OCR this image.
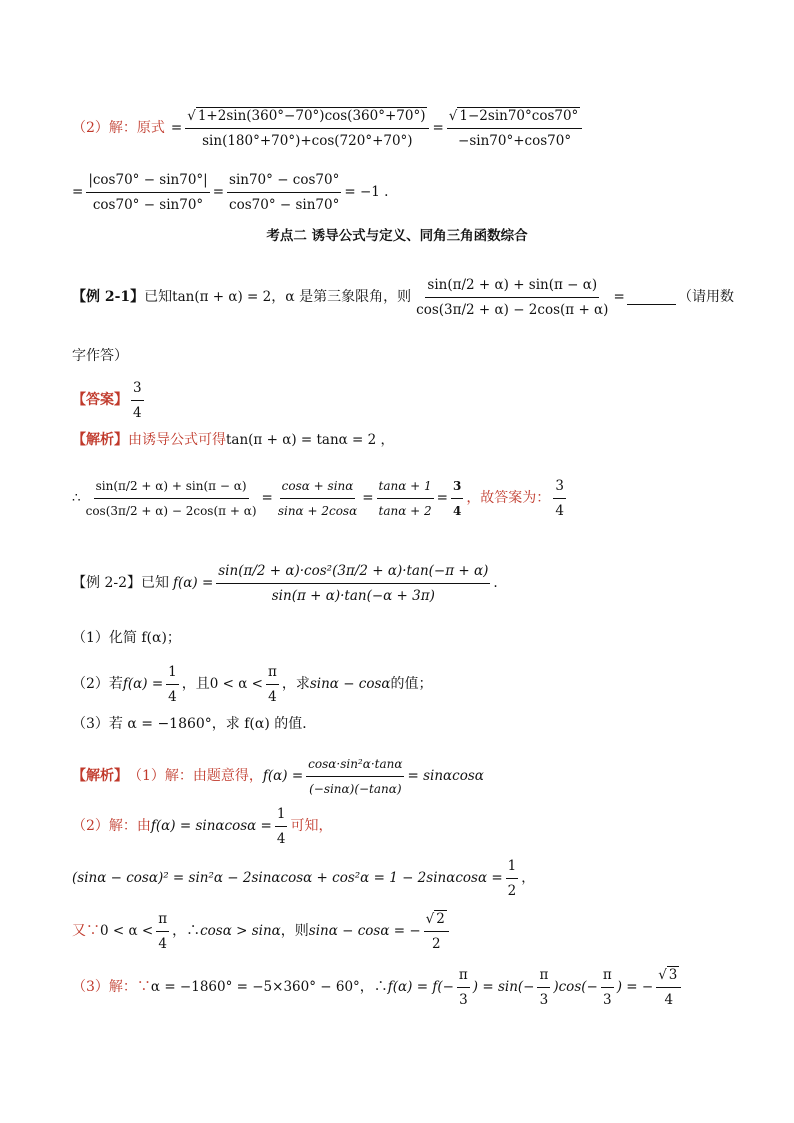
（2）解：原式 = $\frac{√ 1+2\sin(360^\circ-70^\circ)\cos(360^\circ+70^\circ)}{\sin(180^\circ+70^\circ)+\cos(720^\circ+70^\circ)} = \frac{√ 1-2\sin 70^\circ\cos 70^\circ}{-\sin 70^\circ+\cos 70^\circ}$
= $\frac{|\cos 70^\circ - \sin 70^\circ|}{\cos 70^\circ - \sin 70^\circ} = \frac{\sin 70^\circ - \cos 70^\circ}{\cos 70^\circ - \sin 70^\circ} = -1$ .
考点二 诱导公式与定义、同角三角函数综合
【例 2-1】 已知 tan(π + α) = 2 ，α 是第三象限角，则 $\frac{\sin(\pi/2 + \alpha) + \sin(\pi - \alpha)}{\cos(3\pi/2 + \alpha) - 2\cos(\pi + \alpha)}$ =	（请用数
字作答）
【答案】 $\frac{3}{4}$
【解析】 由诱导公式可得 tan(π + α) = tanα = 2 ，
∴ $\frac{\sin(\pi/2 + \alpha) + \sin(\pi - \alpha)}{\cos(3\pi/2 + \alpha) - 2\cos(\pi + \alpha)} = \frac{\cos\alpha + \sin\alpha}{\sin\alpha + 2\cos\alpha} = \frac{\tan\alpha + 1}{\tan\alpha + 2} = \frac{3}{4}$ ，故答案为： $\frac{3}{4}$
【例 2-2】 已知 $f(\alpha) = \frac{\text{sin(π/2 + α)·cos²(3π/2 + α)·tan(−π + α)}}{\sin(\pi + \alpha)\cdot\tan(-\alpha + 3\pi)}$ .
（1）化简 f(α)；
（2）若 $f(\alpha) = \frac{1}{4}$ ，且 $0 < \alpha < \frac{\pi}{4}$ ，求 sinα − cosα 的值；
（3）若 α = −1860°，求 f(α) 的值．
【解析】 （1）解：由题意得， $f(\alpha) = \frac{\text{cosα·sin²α·tanα}}{(-\sin\alpha)(-\tan\alpha)} = \sin\alpha\cos\alpha$
（2）解：由 $f(\alpha) = \sin\alpha\cos\alpha = \frac{1}{4}$ 可知，
$(\sin\alpha - \cos\alpha)^2 = \sin^2\alpha - 2\sin\alpha\cos\alpha + \cos^2\alpha = 1 - 2\sin\alpha\cos\alpha = \frac{1}{2}$ ，
又∵ $0 < \alpha < \frac{\pi}{4}$ ，∴ cosα > sinα ，则 sinα − cosα = − $\frac{√ 2}{2}$
（3）解：∵ α = −1860° = −5×360° − 60° ，∴ $f(\alpha) = f(- \frac{\pi}{3}$ ) = $\sin(- \frac{\pi}{3} )\cos(- \frac{\pi}{3}$ ) = − $\frac{√ 3}{4}$
